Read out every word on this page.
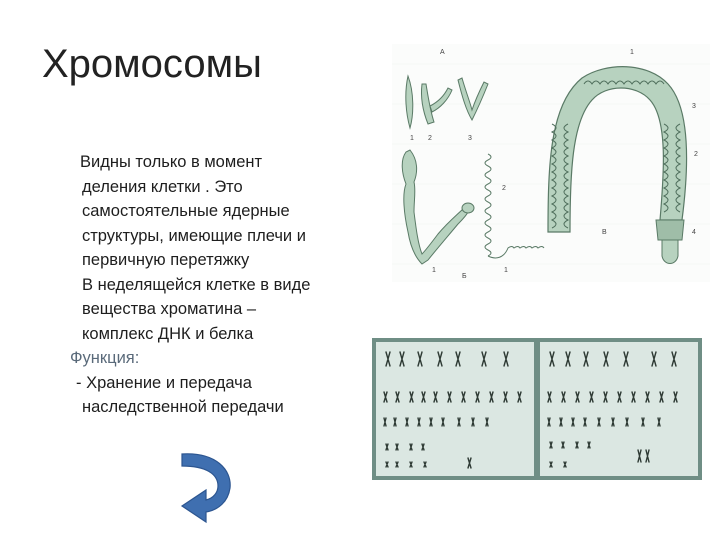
Хромосомы
Видны только в момент
деления клетки . Это
самостоятельные ядерные
структуры, имеющие плечи и
первичную перетяжку
В неделящейся клетке в виде
вещества хроматина –
комплекс ДНК и белка
Функция:
- Хранение и передача
наследственной передачи
А
1 2	3
2
1
Б
1
1
3
2
4
В
